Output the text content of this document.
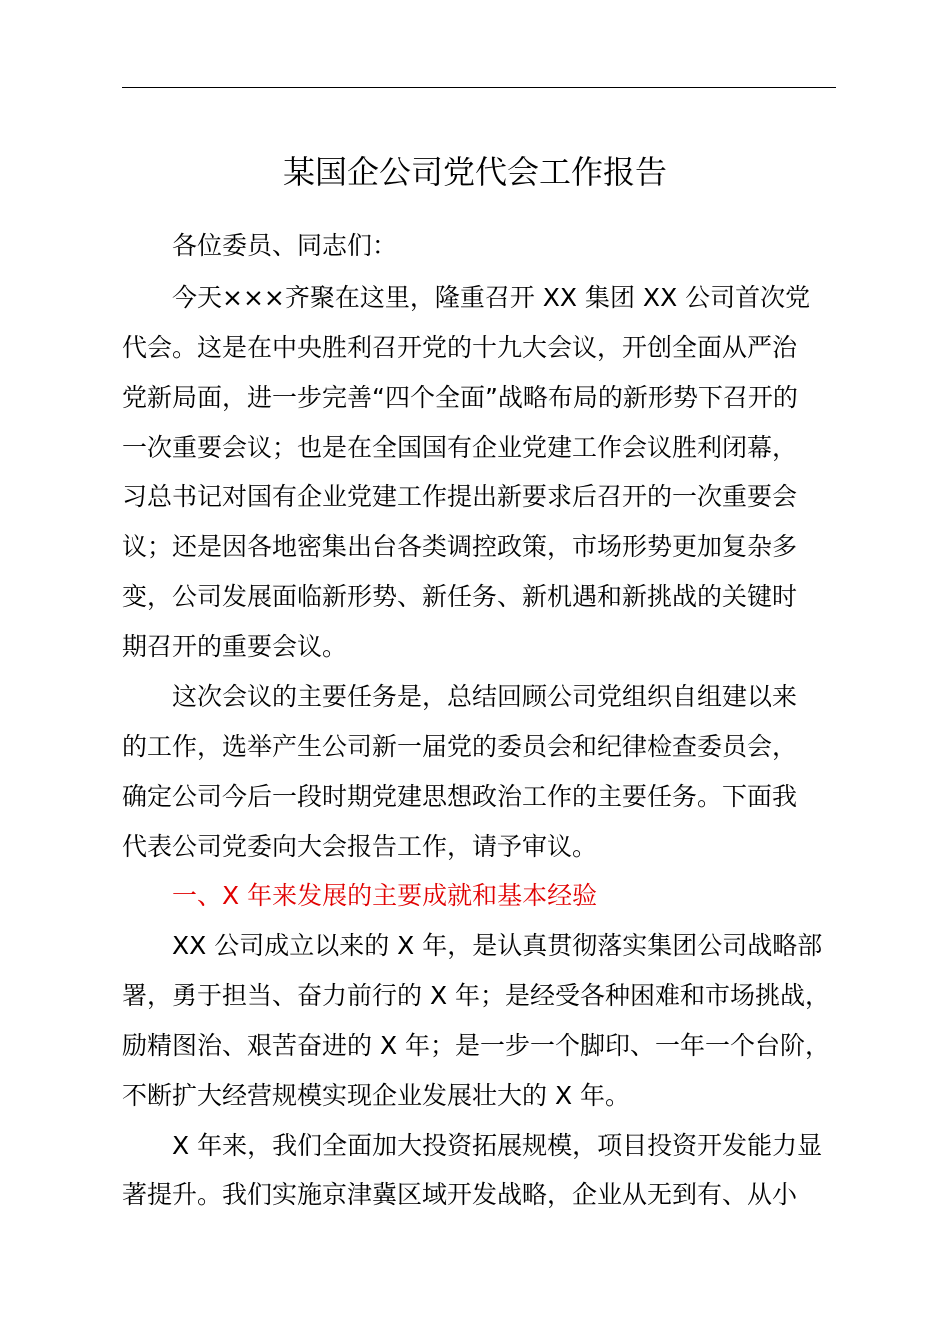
某国企公司党代会工作报告

各位委员、同志们：

今天×××齐聚在这里，隆重召开 XX 集团 XX 公司首次党

代会。这是在中央胜利召开党的十九大会议，开创全面从严治

党新局面，进一步完善“四个全面”战略布局的新形势下召开的

一次重要会议；也是在全国国有企业党建工作会议胜利闭幕，

习总书记对国有企业党建工作提出新要求后召开的一次重要会

议；还是因各地密集出台各类调控政策，市场形势更加复杂多

变，公司发展面临新形势、新任务、新机遇和新挑战的关键时

期召开的重要会议。

这次会议的主要任务是，总结回顾公司党组织自组建以来

的工作，选举产生公司新一届党的委员会和纪律检查委员会，

确定公司今后一段时期党建思想政治工作的主要任务。下面我

代表公司党委向大会报告工作，请予审议。

一、X 年来发展的主要成就和基本经验

XX 公司成立以来的 X 年，是认真贯彻落实集团公司战略部

署，勇于担当、奋力前行的 X 年；是经受各种困难和市场挑战，

励精图治、艰苦奋进的 X 年；是一步一个脚印、一年一个台阶，

不断扩大经营规模实现企业发展壮大的 X 年。

X 年来，我们全面加大投资拓展规模，项目投资开发能力显

著提升。我们实施京津冀区域开发战略，企业从无到有、从小
